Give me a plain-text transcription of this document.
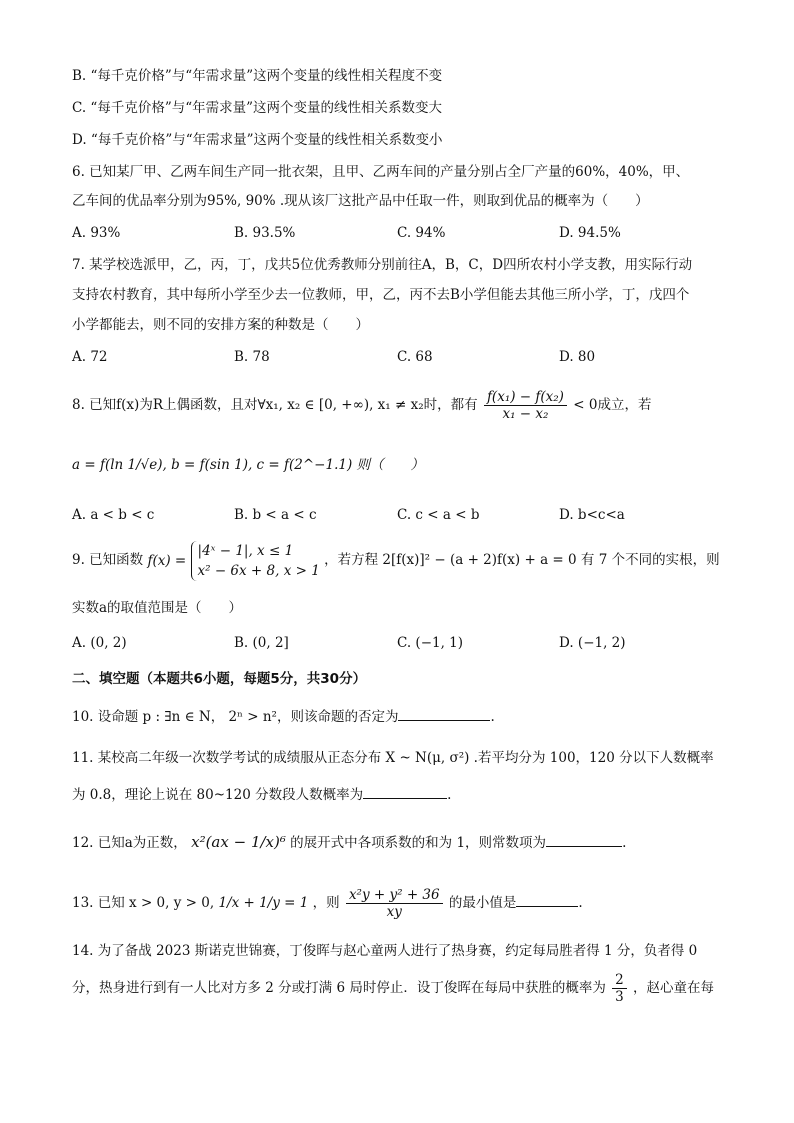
B. “每千克价格”与“年需求量”这两个变量的线性相关程度不变
C. “每千克价格”与“年需求量”这两个变量的线性相关系数变大
D. “每千克价格”与“年需求量”这两个变量的线性相关系数变小
6. 已知某厂甲、乙两车间生产同一批衣架，且甲、乙两车间的产量分别占全厂产量的60%，40%，甲、
乙车间的优品率分别为95%, 90% .现从该厂这批产品中任取一件，则取到优品的概率为（　　）
A. 93%	B. 93.5%	C. 94%	D. 94.5%
7. 某学校选派甲，乙，丙，丁，戊共5位优秀教师分别前往A，B，C，D四所农村小学支教，用实际行动
支持农村教育，其中每所小学至少去一位教师，甲，乙，丙不去B小学但能去其他三所小学，丁，戊四个
小学都能去，则不同的安排方案的种数是（　　）
A. 72	B. 78	C. 68	D. 80
8. 已知f(x)为R上偶函数，且对∀x₁, x₂ ∈ [0, +∞), x₁ ≠ x₂时，都有 $\frac{\text{f(x₁) − f(x₂)}}{\text{x₁ − x₂}} < 0$成立，若
a = f(ln 1/√e), b = f(sin 1), c = f(2^−1.1) 则（　　）
A. a < b < c	B. b < a < c	C. c < a < b	D. b<c<a
9. 已知函数 f(x) =
|4ˣ − 1|, x ≤ 1
x² − 6x + 8, x > 1
，若方程 2[f(x)]² − (a + 2)f(x) + a = 0 有 7 个不同的实根，则
实数a的取值范围是（　　）
A. (0, 2)	B. (0, 2]	C. (−1, 1)	D. (−1, 2)
二、填空题（本题共6小题，每题5分，共30分）
10. 设命题 p : ∃n ∈ N， 2ⁿ > n²，则该命题的否定为	.
11. 某校高二年级一次数学考试的成绩服从正态分布 X ~ N(μ, σ²) .若平均分为 100，120 分以下人数概率
为 0.8，理论上说在 80~120 分数段人数概率为	.
12. 已知a为正数， x²(ax − 1/x)⁶ 的展开式中各项系数的和为 1，则常数项为	.
13. 已知 x > 0, y > 0, 1/x + 1/y = 1 ，则 $\frac{\text{x²y + y² + 36}}{xy}$ 的最小值是	.
14. 为了备战 2023 斯诺克世锦赛，丁俊晖与赵心童两人进行了热身赛，约定每局胜者得 1 分，负者得 0
分，热身进行到有一人比对方多 2 分或打满 6 局时停止．设丁俊晖在每局中获胜的概率为 $\frac{2}{3}$ ，赵心童在每
